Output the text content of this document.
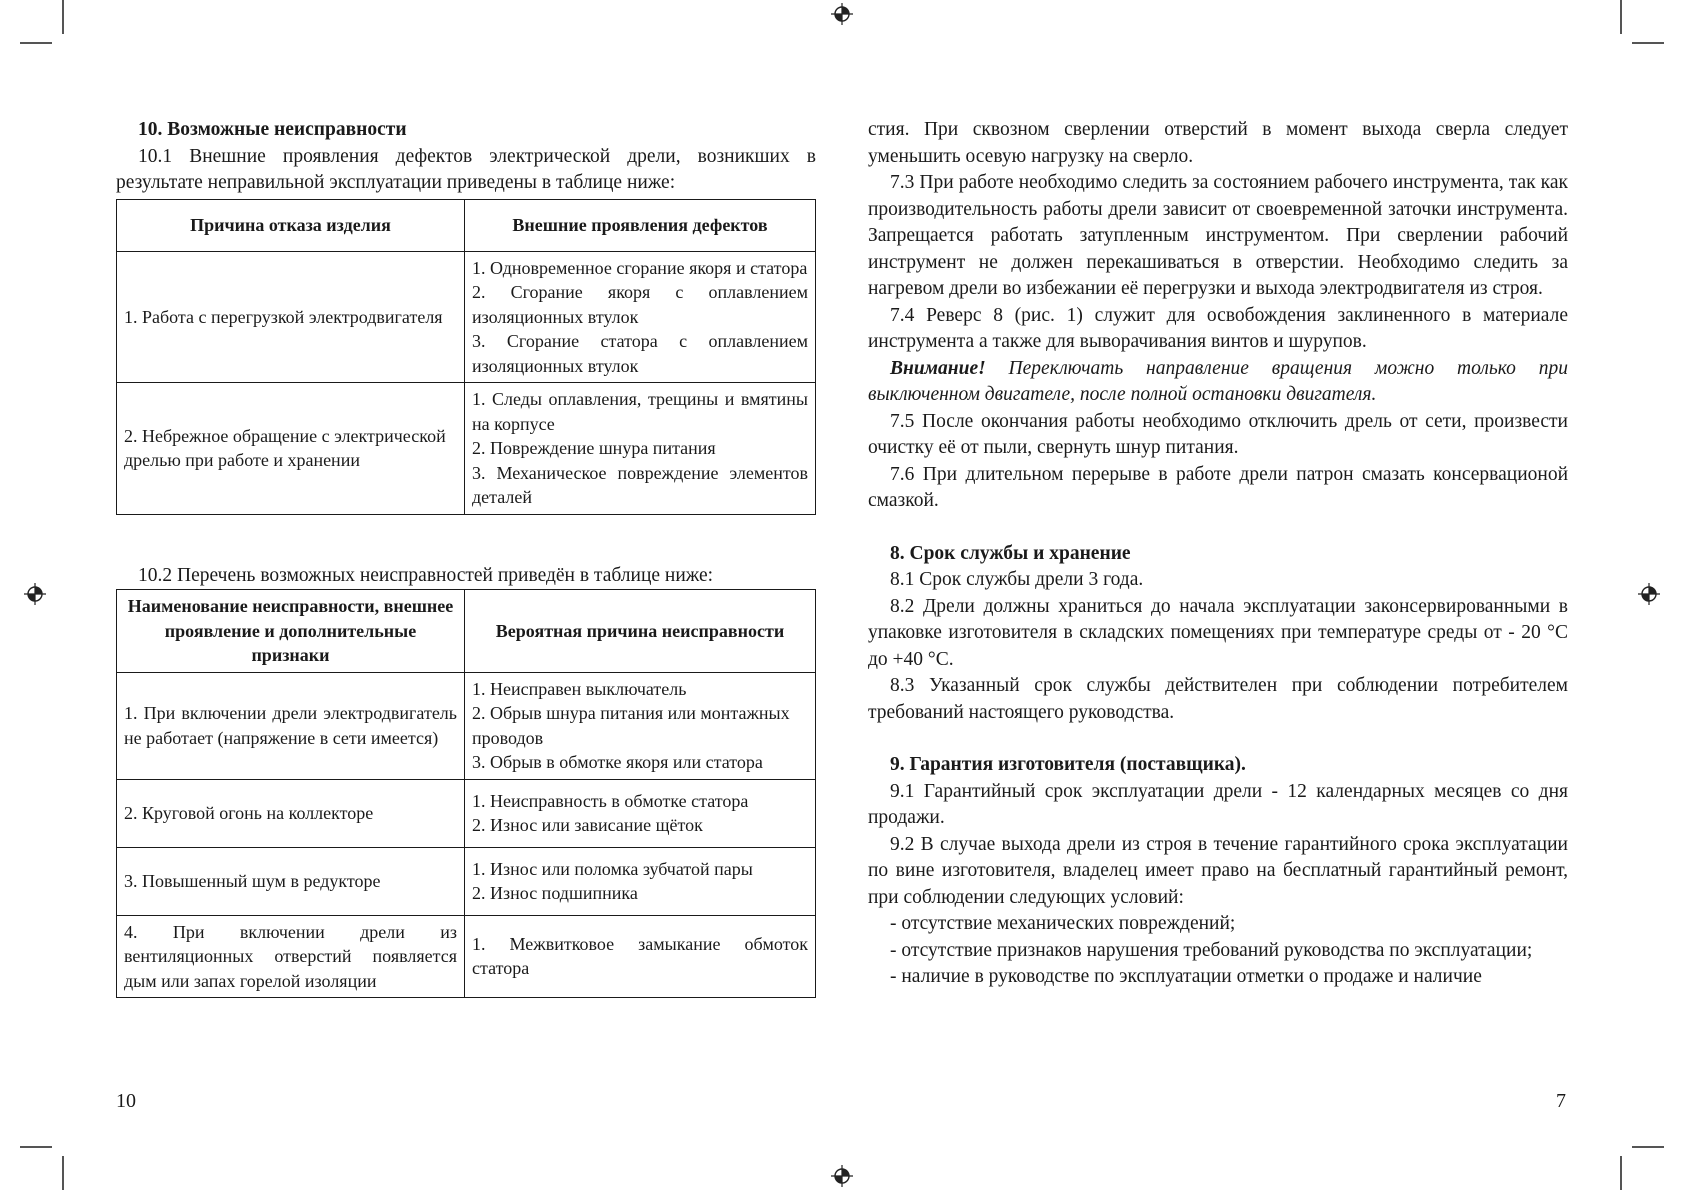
10. Возможные неисправности

10.1 Внешние проявления дефектов электрической дрели, возникших в результате неправильной эксплуатации приведены в таблице ниже:

Причина отказа изделия	Внешние проявления дефектов
1. Работа с перегрузкой электродвигателя	1. Одновременное сгорание якоря и статора
2. Сгорание якоря с оплавлением изоляционных втулок
3. Сгорание статора с оплавлением изоляционных втулок

2. Небрежное обращение с электрической дрелью при работе и хранении	1. Следы оплавления, трещины и вмятины на корпусе
2. Повреждение шнура питания
3. Механическое повреждение элементов деталей

10.2 Перечень возможных неисправностей приведён в таблице ниже:

Наименование неисправности, внешнее проявление и дополнительные признаки	Вероятная причина неисправности
1. При включении дрели электродвигатель не работает (напряжение в сети имеется)	1. Неисправен выключатель
2. Обрыв шнура питания или монтажных проводов
3. Обрыв в обмотке якоря или статора

2. Круговой огонь на коллекторе	1. Неисправность в обмотке статора
2. Износ или зависание щёток

3. Повышенный шум в редукторе	1. Износ или поломка зубчатой пары
2. Износ подшипника

4. При включении дрели из вентиляционных отверстий появляется дым или запах горелой изоляции	1. Межвитковое замыкание обмоток статора
10

стия. При сквозном сверлении отверстий в момент выхода сверла следует уменьшить осевую нагрузку на сверло.

7.3 При работе необходимо следить за состоянием рабочего инструмента, так как производительность работы дрели зависит от своевременной заточки инструмента. Запрещается работать затупленным инструментом. При сверлении рабочий инструмент не должен перекашиваться в отверстии. Необходимо следить за нагревом дрели во избежании её перегрузки и выхода электродвигателя из строя.

7.4 Реверс 8 (рис. 1) служит для освобождения заклиненного в материале инструмента а также для выворачивания винтов и шурупов.

Внимание! Переключать направление вращения можно только при выключенном двигателе, после полной остановки двигателя.

7.5 После окончания работы необходимо отключить дрель от сети, произвести очистку её от пыли, свернуть шнур питания.

7.6 При длительном перерыве в работе дрели патрон смазать консервационой смазкой.

8. Срок службы и хранение

8.1 Срок службы дрели 3 года.

8.2 Дрели должны храниться до начала эксплуатации законсервированными в упаковке изготовителя в складских помещениях при температуре среды от - 20 °С до +40 °С.

8.3 Указанный срок службы действителен при соблюдении потребителем требований настоящего руководства.

9. Гарантия изготовителя (поставщика).

9.1 Гарантийный срок эксплуатации дрели - 12 календарных месяцев со дня продажи.

9.2 В случае выхода дрели из строя в течение гарантийного срока эксплуатации по вине изготовителя, владелец имеет право на бесплатный гарантийный ремонт, при соблюдении следующих условий:

- отсутствие механических повреждений;

- отсутствие признаков нарушения требований руководства по эксплуатации;

- наличие в руководстве по эксплуатации отметки о продаже и наличие

7
